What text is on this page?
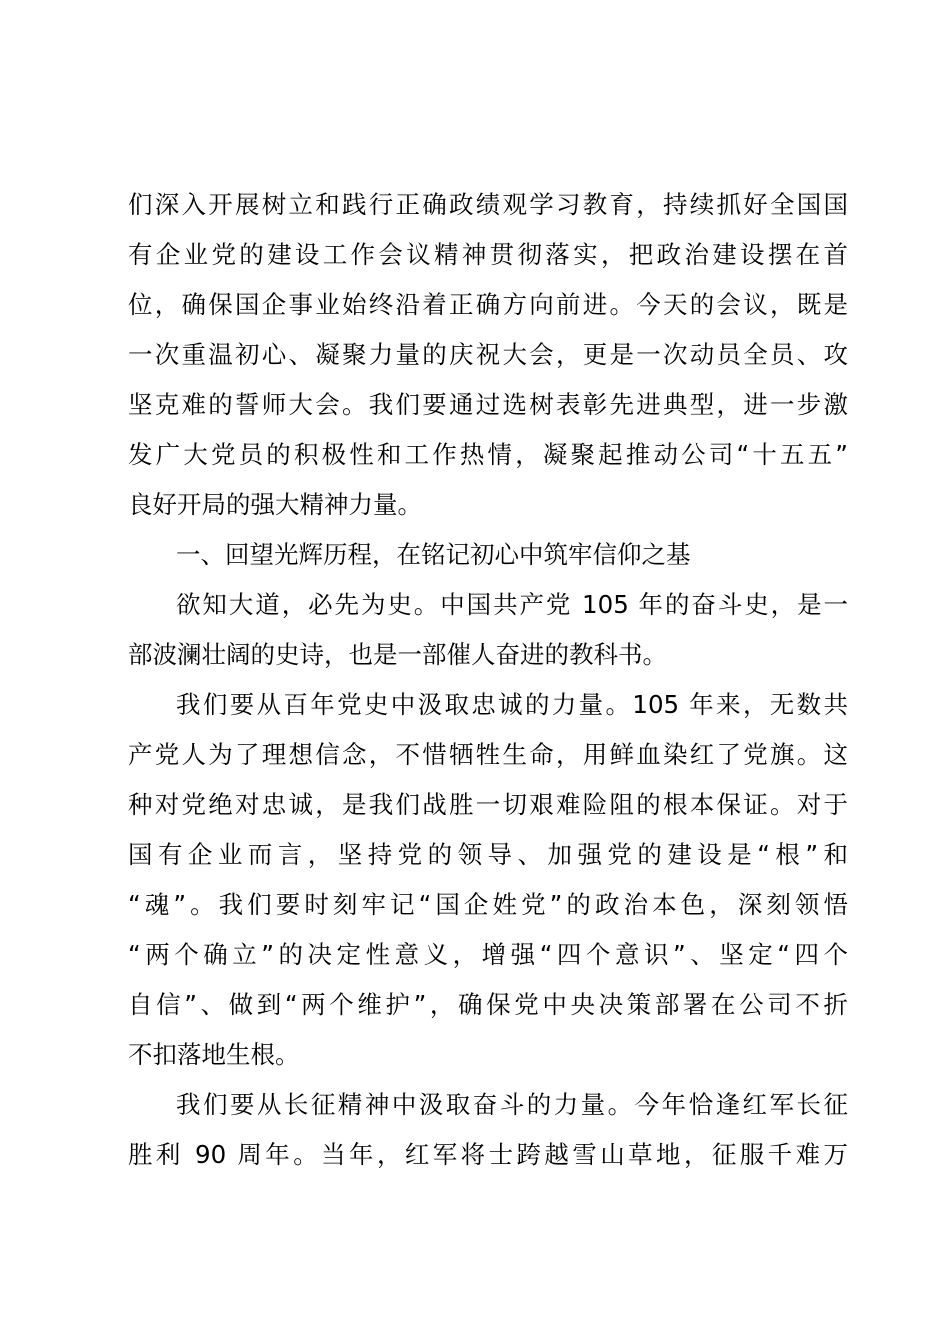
们深入开展树立和践行正确政绩观学习教育，持续抓好全国国
有企业党的建设工作会议精神贯彻落实，把政治建设摆在首
位，确保国企事业始终沿着正确方向前进。今天的会议，既是
一次重温初心、凝聚力量的庆祝大会，更是一次动员全员、攻
坚克难的誓师大会。我们要通过选树表彰先进典型，进一步激
发广大党员的积极性和工作热情，凝聚起推动公司“十五五”
良好开局的强大精神力量。
一、回望光辉历程，在铭记初心中筑牢信仰之基
欲知大道，必先为史。中国共产党 105 年的奋斗史，是一
部波澜壮阔的史诗，也是一部催人奋进的教科书。
我们要从百年党史中汲取忠诚的力量。105 年来，无数共
产党人为了理想信念，不惜牺牲生命，用鲜血染红了党旗。这
种对党绝对忠诚，是我们战胜一切艰难险阻的根本保证。对于
国有企业而言，坚持党的领导、加强党的建设是“根”和
“魂”。我们要时刻牢记“国企姓党”的政治本色，深刻领悟
“两个确立”的决定性意义，增强“四个意识”、坚定“四个
自信”、做到“两个维护”，确保党中央决策部署在公司不折
不扣落地生根。
我们要从长征精神中汲取奋斗的力量。今年恰逢红军长征
胜利 90 周年。当年，红军将士跨越雪山草地，征服千难万
